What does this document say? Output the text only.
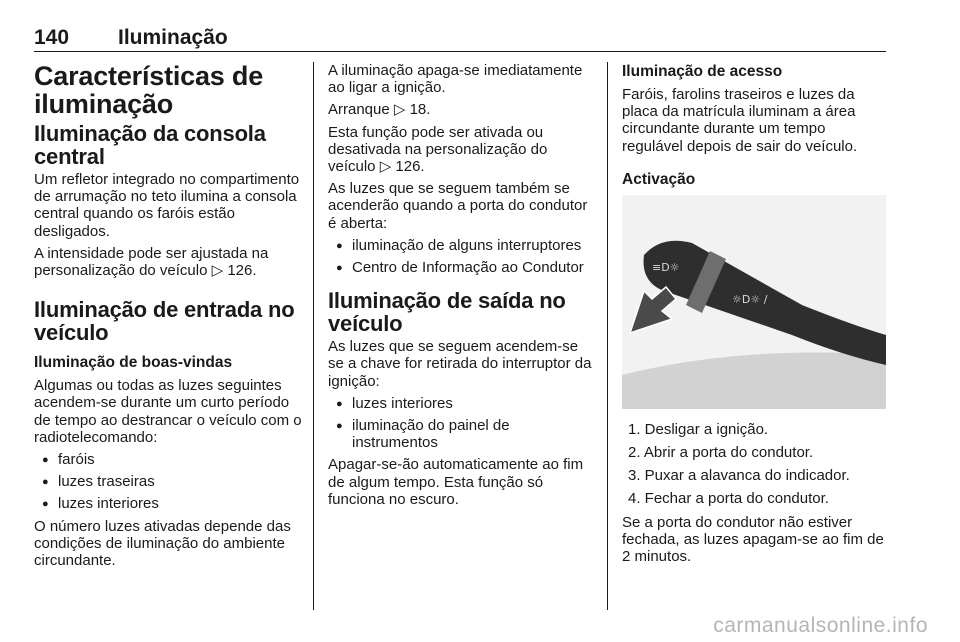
140 Iluminação
Características de iluminação
Iluminação da consola central
Um refletor integrado no compartimento de arrumação no teto ilumina a consola central quando os faróis estão desligados.
A intensidade pode ser ajustada na personalização do veículo ▷ 126.
Iluminação de entrada no veículo
Iluminação de boas-vindas
Algumas ou todas as luzes seguintes acendem-se durante um curto período de tempo ao destrancar o veículo com o radiotelecomando:
● faróis
● luzes traseiras
● luzes interiores
O número luzes ativadas depende das condições de iluminação do ambiente circundante.
A iluminação apaga-se imediatamente ao ligar a ignição.
Arranque ▷ 18.
Esta função pode ser ativada ou desativada na personalização do veículo ▷ 126.
As luzes que se seguem também se acenderão quando a porta do condutor é aberta:
● iluminação de alguns interruptores
● Centro de Informação ao Condutor
Iluminação de saída no veículo
As luzes que se seguem acendem-se se a chave for retirada do interruptor da ignição:
● luzes interiores
● iluminação do painel de instrumentos
Apagar-se-ão automaticamente ao fim de algum tempo. Esta função só funciona no escuro.
Iluminação de acesso
Faróis, farolins traseiros e luzes da placa da matrícula iluminam a área circundante durante um tempo regulável depois de sair do veículo.
Activação
≡D☼
☼D☼ /
1. Desligar a ignição.
2. Abrir a porta do condutor.
3. Puxar a alavanca do indicador.
4. Fechar a porta do condutor.
Se a porta do condutor não estiver fechada, as luzes apagam-se ao fim de 2 minutos.
carmanualsonline.info
